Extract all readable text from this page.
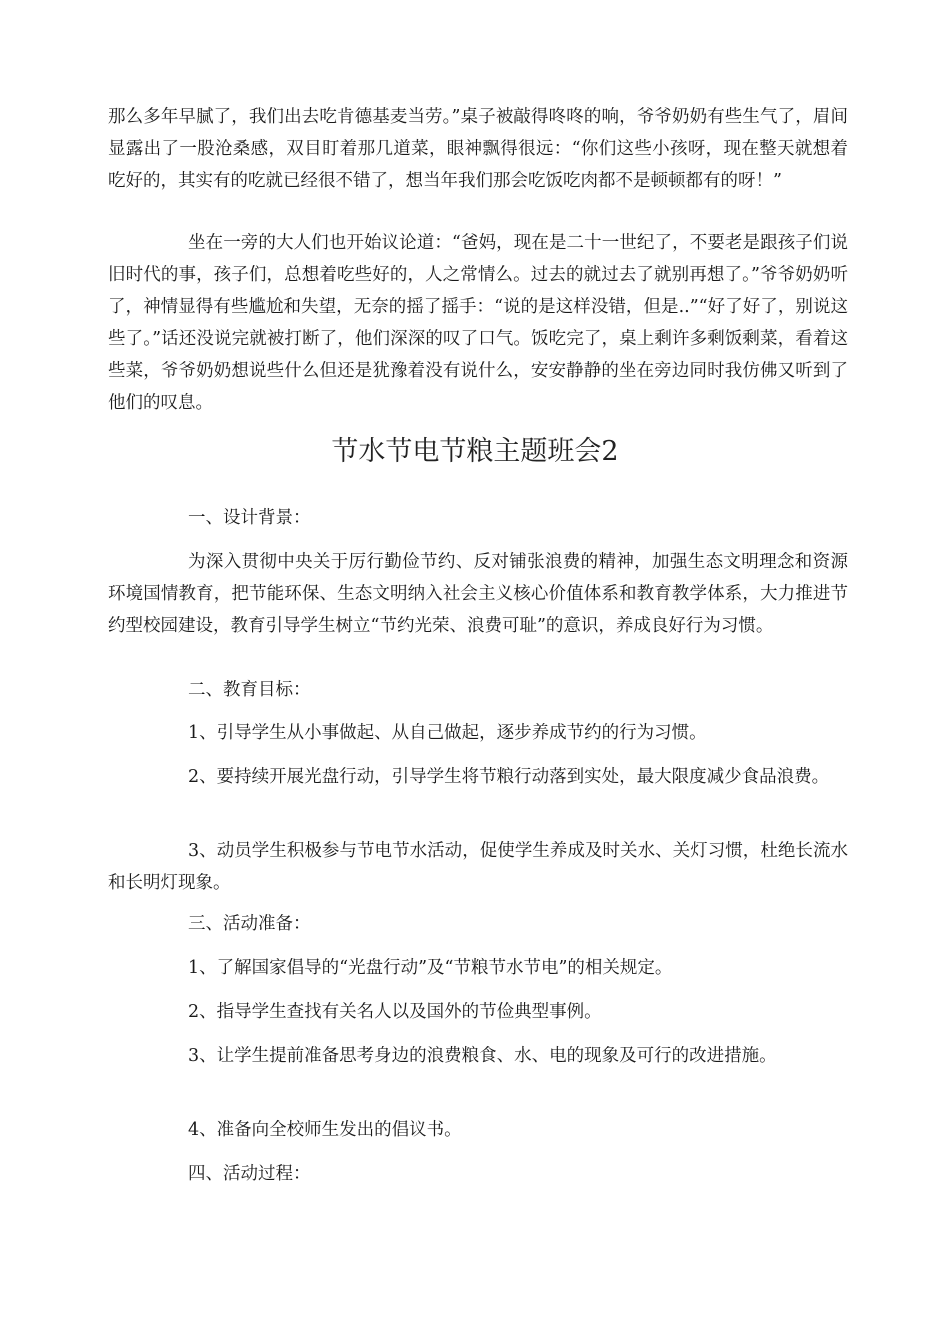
那么多年早腻了，我们出去吃肯德基麦当劳。”桌子被敲得咚咚的响，爷爷奶奶有些生气了，眉间显露出了一股沧桑感，双目盯着那几道菜，眼神飘得很远：“你们这些小孩呀，现在整天就想着吃好的，其实有的吃就已经很不错了，想当年我们那会吃饭吃肉都不是顿顿都有的呀！”

坐在一旁的大人们也开始议论道：“爸妈，现在是二十一世纪了，不要老是跟孩子们说旧时代的事，孩子们，总想着吃些好的，人之常情么。过去的就过去了就别再想了。”爷爷奶奶听了，神情显得有些尴尬和失望，无奈的摇了摇手：“说的是这样没错，但是..”“好了好了，别说这些了。”话还没说完就被打断了，他们深深的叹了口气。饭吃完了，桌上剩许多剩饭剩菜，看着这些菜，爷爷奶奶想说些什么但还是犹豫着没有说什么，安安静静的坐在旁边同时我仿佛又听到了他们的叹息。

节水节电节粮主题班会2

一、设计背景：

为深入贯彻中央关于厉行勤俭节约、反对铺张浪费的精神，加强生态文明理念和资源环境国情教育，把节能环保、生态文明纳入社会主义核心价值体系和教育教学体系，大力推进节约型校园建设，教育引导学生树立“节约光荣、浪费可耻”的意识，养成良好行为习惯。

二、教育目标：

1、引导学生从小事做起、从自己做起，逐步养成节约的行为习惯。

2、要持续开展光盘行动，引导学生将节粮行动落到实处，最大限度减少食品浪费。

3、动员学生积极参与节电节水活动，促使学生养成及时关水、关灯习惯，杜绝长流水和长明灯现象。

三、活动准备：

1、了解国家倡导的“光盘行动”及“节粮节水节电”的相关规定。

2、指导学生查找有关名人以及国外的节俭典型事例。

3、让学生提前准备思考身边的浪费粮食、水、电的现象及可行的改进措施。

4、准备向全校师生发出的倡议书。

四、活动过程：
